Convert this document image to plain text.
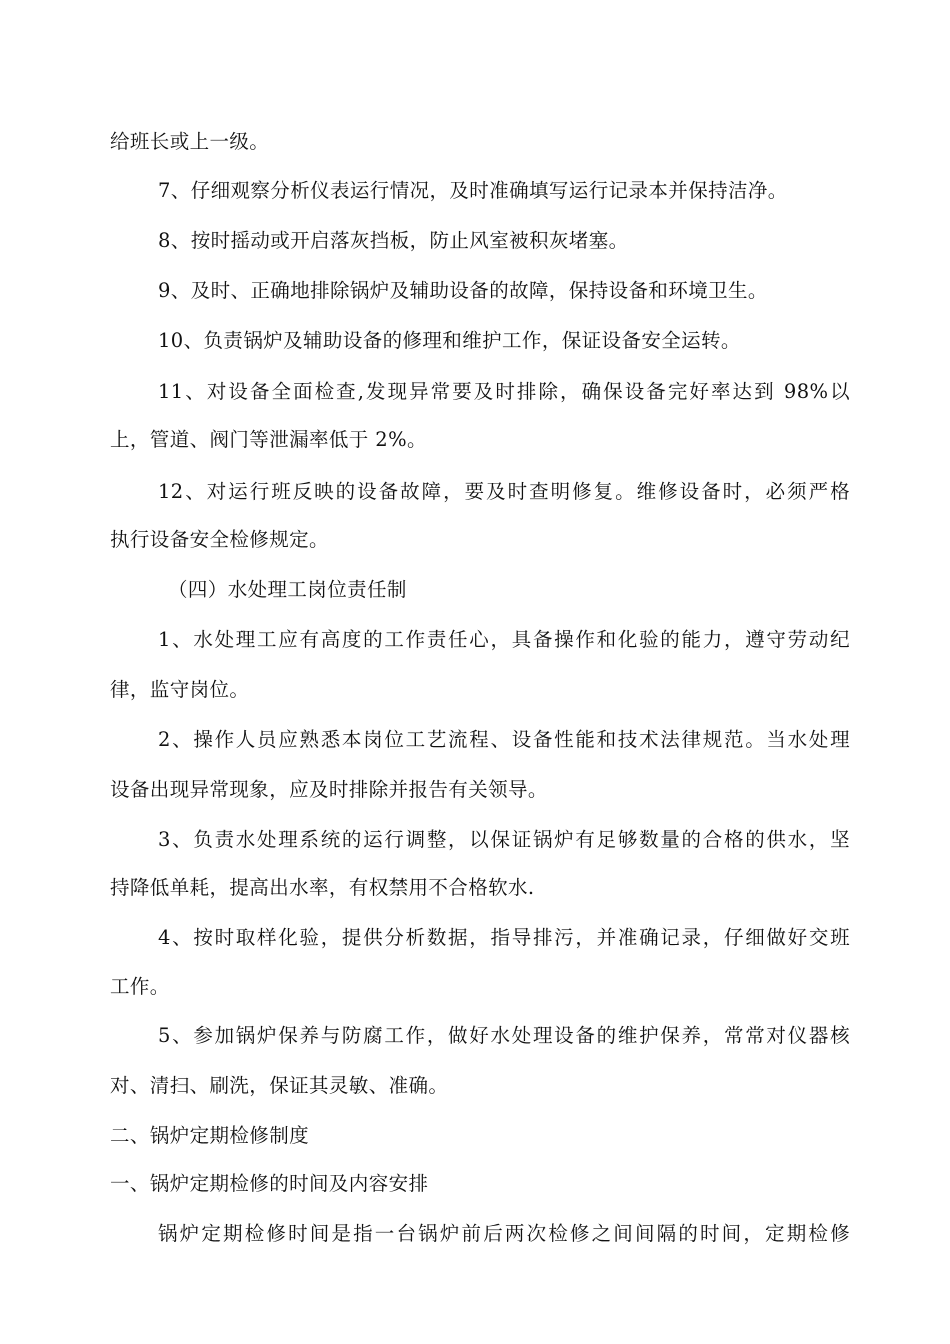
给班长或上一级。
7、仔细观察分析仪表运行情况，及时准确填写运行记录本并保持洁净。
8、按时摇动或开启落灰挡板，防止风室被积灰堵塞。
9、及时、正确地排除锅炉及辅助设备的故障，保持设备和环境卫生。
10、负责锅炉及辅助设备的修理和维护工作，保证设备安全运转。
11、对设备全面检查,发现异常要及时排除，确保设备完好率达到 98%以
上，管道、阀门等泄漏率低于 2%。
12、对运行班反映的设备故障，要及时查明修复。维修设备时，必须严格
执行设备安全检修规定。
（四）水处理工岗位责任制
1、水处理工应有高度的工作责任心，具备操作和化验的能力，遵守劳动纪
律，监守岗位。
2、操作人员应熟悉本岗位工艺流程、设备性能和技术法律规范。当水处理
设备出现异常现象，应及时排除并报告有关领导。
3、负责水处理系统的运行调整，以保证锅炉有足够数量的合格的供水，坚
持降低单耗，提高出水率，有权禁用不合格软水.
4、按时取样化验，提供分析数据，指导排污，并准确记录，仔细做好交班
工作。
5、参加锅炉保养与防腐工作，做好水处理设备的维护保养，常常对仪器核
对、清扫、刷洗，保证其灵敏、准确。
二、锅炉定期检修制度
一、锅炉定期检修的时间及内容安排
锅炉定期检修时间是指一台锅炉前后两次检修之间间隔的时间，定期检修
